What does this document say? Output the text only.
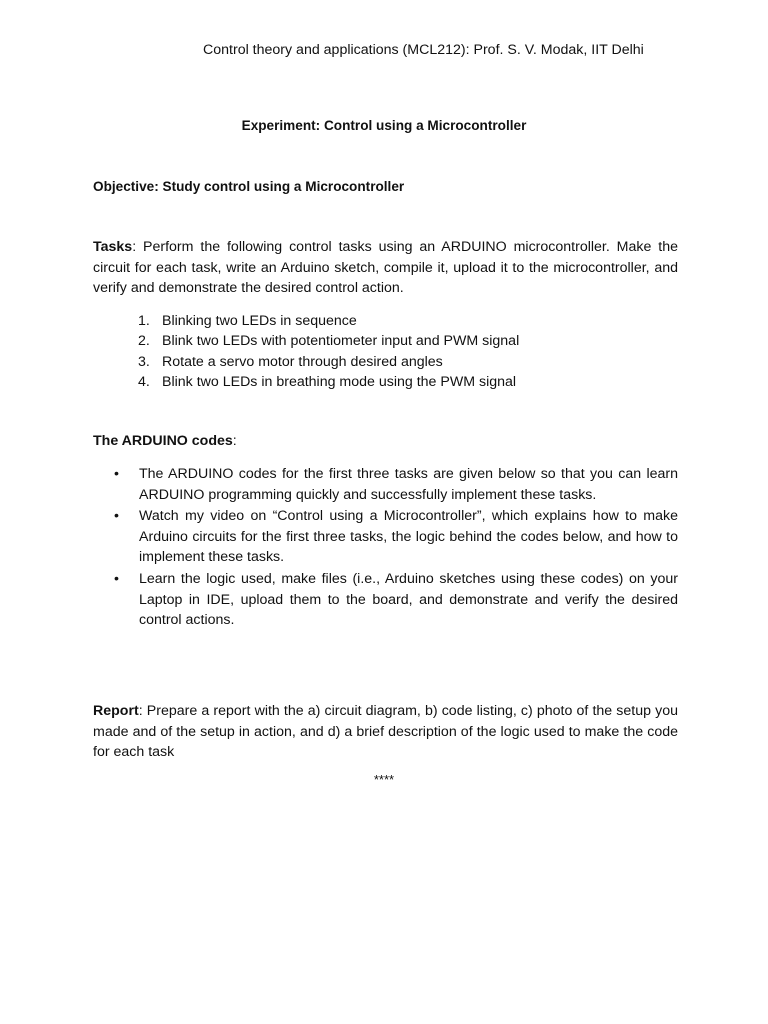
Control theory and applications (MCL212): Prof. S. V. Modak, IIT Delhi
Experiment: Control using a Microcontroller
Objective: Study control using a Microcontroller
Tasks: Perform the following control tasks using an ARDUINO microcontroller. Make the circuit for each task, write an Arduino sketch, compile it, upload it to the microcontroller, and verify and demonstrate the desired control action.
1. Blinking two LEDs in sequence
2. Blink two LEDs with potentiometer input and PWM signal
3. Rotate a servo motor through desired angles
4. Blink two LEDs in breathing mode using the PWM signal
The ARDUINO codes:
•	The ARDUINO codes for the first three tasks are given below so that you can learn ARDUINO programming quickly and successfully implement these tasks.
•	Watch my video on “Control using a Microcontroller”, which explains how to make Arduino circuits for the first three tasks, the logic behind the codes below, and how to implement these tasks.
•	Learn the logic used, make files (i.e., Arduino sketches using these codes) on your Laptop in IDE, upload them to the board, and demonstrate and verify the desired control actions.
Report: Prepare a report with the a) circuit diagram, b) code listing, c) photo of the setup you made and of the setup in action, and d) a brief description of the logic used to make the code for each task
****
